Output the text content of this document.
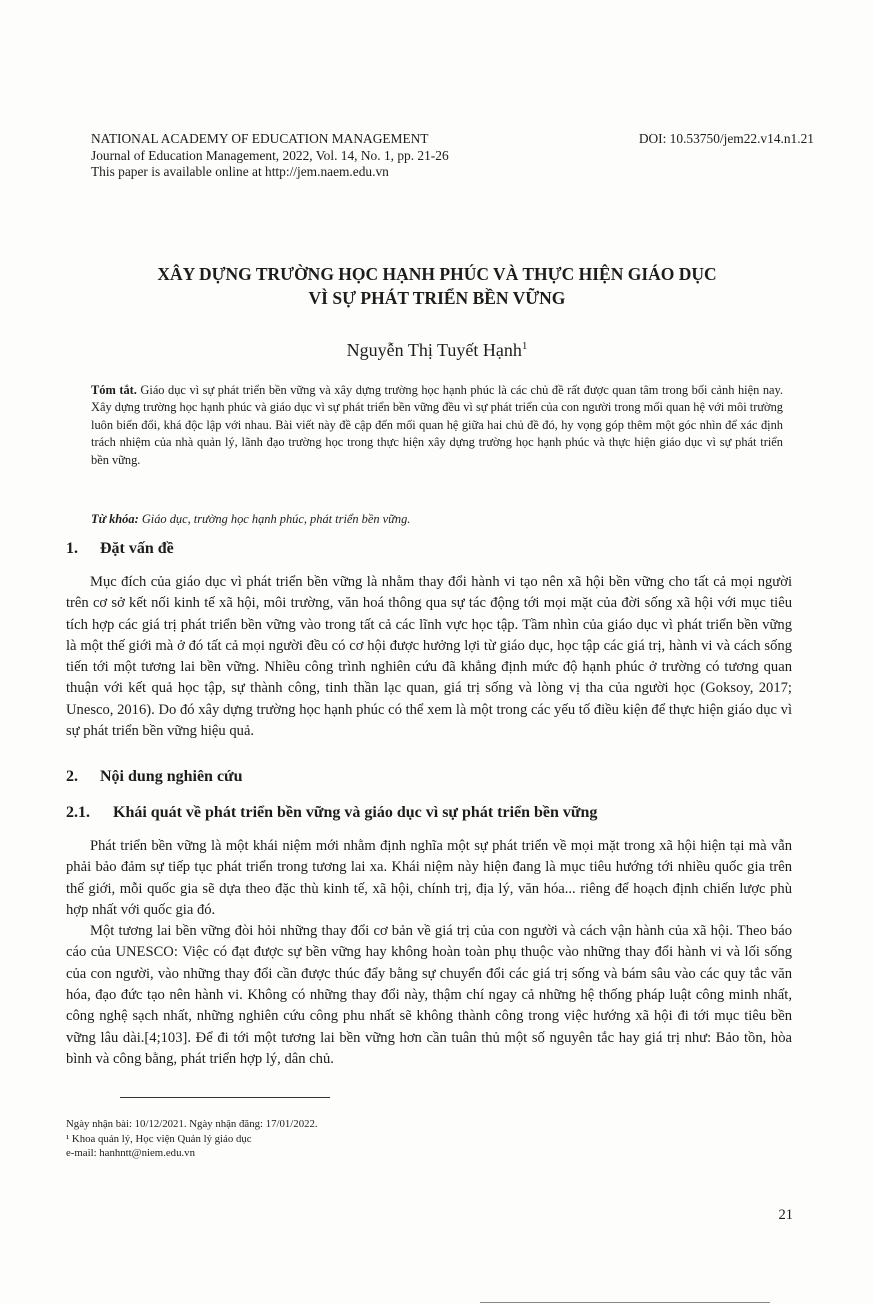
NATIONAL ACADEMY OF EDUCATION MANAGEMENT
Journal of Education Management, 2022, Vol. 14, No. 1, pp. 21-26
This paper is available online at http://jem.naem.edu.vn
DOI: 10.53750/jem22.v14.n1.21
XÂY DỰNG TRƯỜNG HỌC HẠNH PHÚC VÀ THỰC HIỆN GIÁO DỤC
VÌ SỰ PHÁT TRIỂN BỀN VỮNG
Nguyễn Thị Tuyết Hạnh$^1$
Tóm tắt. Giáo dục vì sự phát triển bền vững và xây dựng trường học hạnh phúc là các chủ đề rất được quan tâm trong bối cảnh hiện nay. Xây dựng trường học hạnh phúc và giáo dục vì sự phát triển bền vững đều vì sự phát triển của con người trong mối quan hệ với môi trường luôn biến đổi, khá độc lập với nhau. Bài viết này đề cập đến mối quan hệ giữa hai chủ đề đó, hy vọng góp thêm một góc nhìn để xác định trách nhiệm của nhà quản lý, lãnh đạo trường học trong thực hiện xây dựng trường học hạnh phúc và thực hiện giáo dục vì sự phát triển bền vững.
Từ khóa: Giáo dục, trường học hạnh phúc, phát triển bền vững.
1. Đặt vấn đề

Mục đích của giáo dục vì phát triển bền vững là nhằm thay đổi hành vi tạo nên xã hội bền vững cho tất cả mọi người trên cơ sở kết nối kinh tế xã hội, môi trường, văn hoá thông qua sự tác động tới mọi mặt của đời sống xã hội với mục tiêu tích hợp các giá trị phát triển bền vững vào trong tất cả các lĩnh vực học tập. Tầm nhìn của giáo dục vì phát triển bền vững là một thế giới mà ở đó tất cả mọi người đều có cơ hội được hưởng lợi từ giáo dục, học tập các giá trị, hành vi và cách sống tiến tới một tương lai bền vững. Nhiều công trình nghiên cứu đã khẳng định mức độ hạnh phúc ở trường có tương quan thuận với kết quả học tập, sự thành công, tinh thần lạc quan, giá trị sống và lòng vị tha của người học (Goksoy, 2017; Unesco, 2016). Do đó xây dựng trường học hạnh phúc có thể xem là một trong các yếu tố điều kiện để thực hiện giáo dục vì sự phát triển bền vững hiệu quả.

2. Nội dung nghiên cứu
2.1. Khái quát về phát triển bền vững và giáo dục vì sự phát triển bền vững

Phát triển bền vững là một khái niệm mới nhằm định nghĩa một sự phát triển về mọi mặt trong xã hội hiện tại mà vẫn phải bảo đảm sự tiếp tục phát triển trong tương lai xa. Khái niệm này hiện đang là mục tiêu hướng tới nhiều quốc gia trên thế giới, mỗi quốc gia sẽ dựa theo đặc thù kinh tế, xã hội, chính trị, địa lý, văn hóa... riêng để hoạch định chiến lược phù hợp nhất với quốc gia đó.

Một tương lai bền vững đòi hỏi những thay đổi cơ bản về giá trị của con người và cách vận hành của xã hội. Theo báo cáo của UNESCO: Việc có đạt được sự bền vững hay không hoàn toàn phụ thuộc vào những thay đổi hành vi và lối sống của con người, vào những thay đổi cần được thúc đẩy bằng sự chuyển đổi các giá trị sống và bám sâu vào các quy tắc văn hóa, đạo đức tạo nên hành vi. Không có những thay đổi này, thậm chí ngay cả những hệ thống pháp luật công minh nhất, công nghệ sạch nhất, những nghiên cứu công phu nhất sẽ không thành công trong việc hướng xã hội đi tới mục tiêu bền vững lâu dài.[4;103]. Để đi tới một tương lai bền vững hơn cần tuân thủ một số nguyên tắc hay giá trị như: Bảo tồn, hòa bình và công bằng, phát triển hợp lý, dân chủ.

Ngày nhận bài: 10/12/2021. Ngày nhận đăng: 17/01/2022.
¹ Khoa quản lý, Học viện Quản lý giáo dục
e-mail: hanhntt@niem.edu.vn
21
